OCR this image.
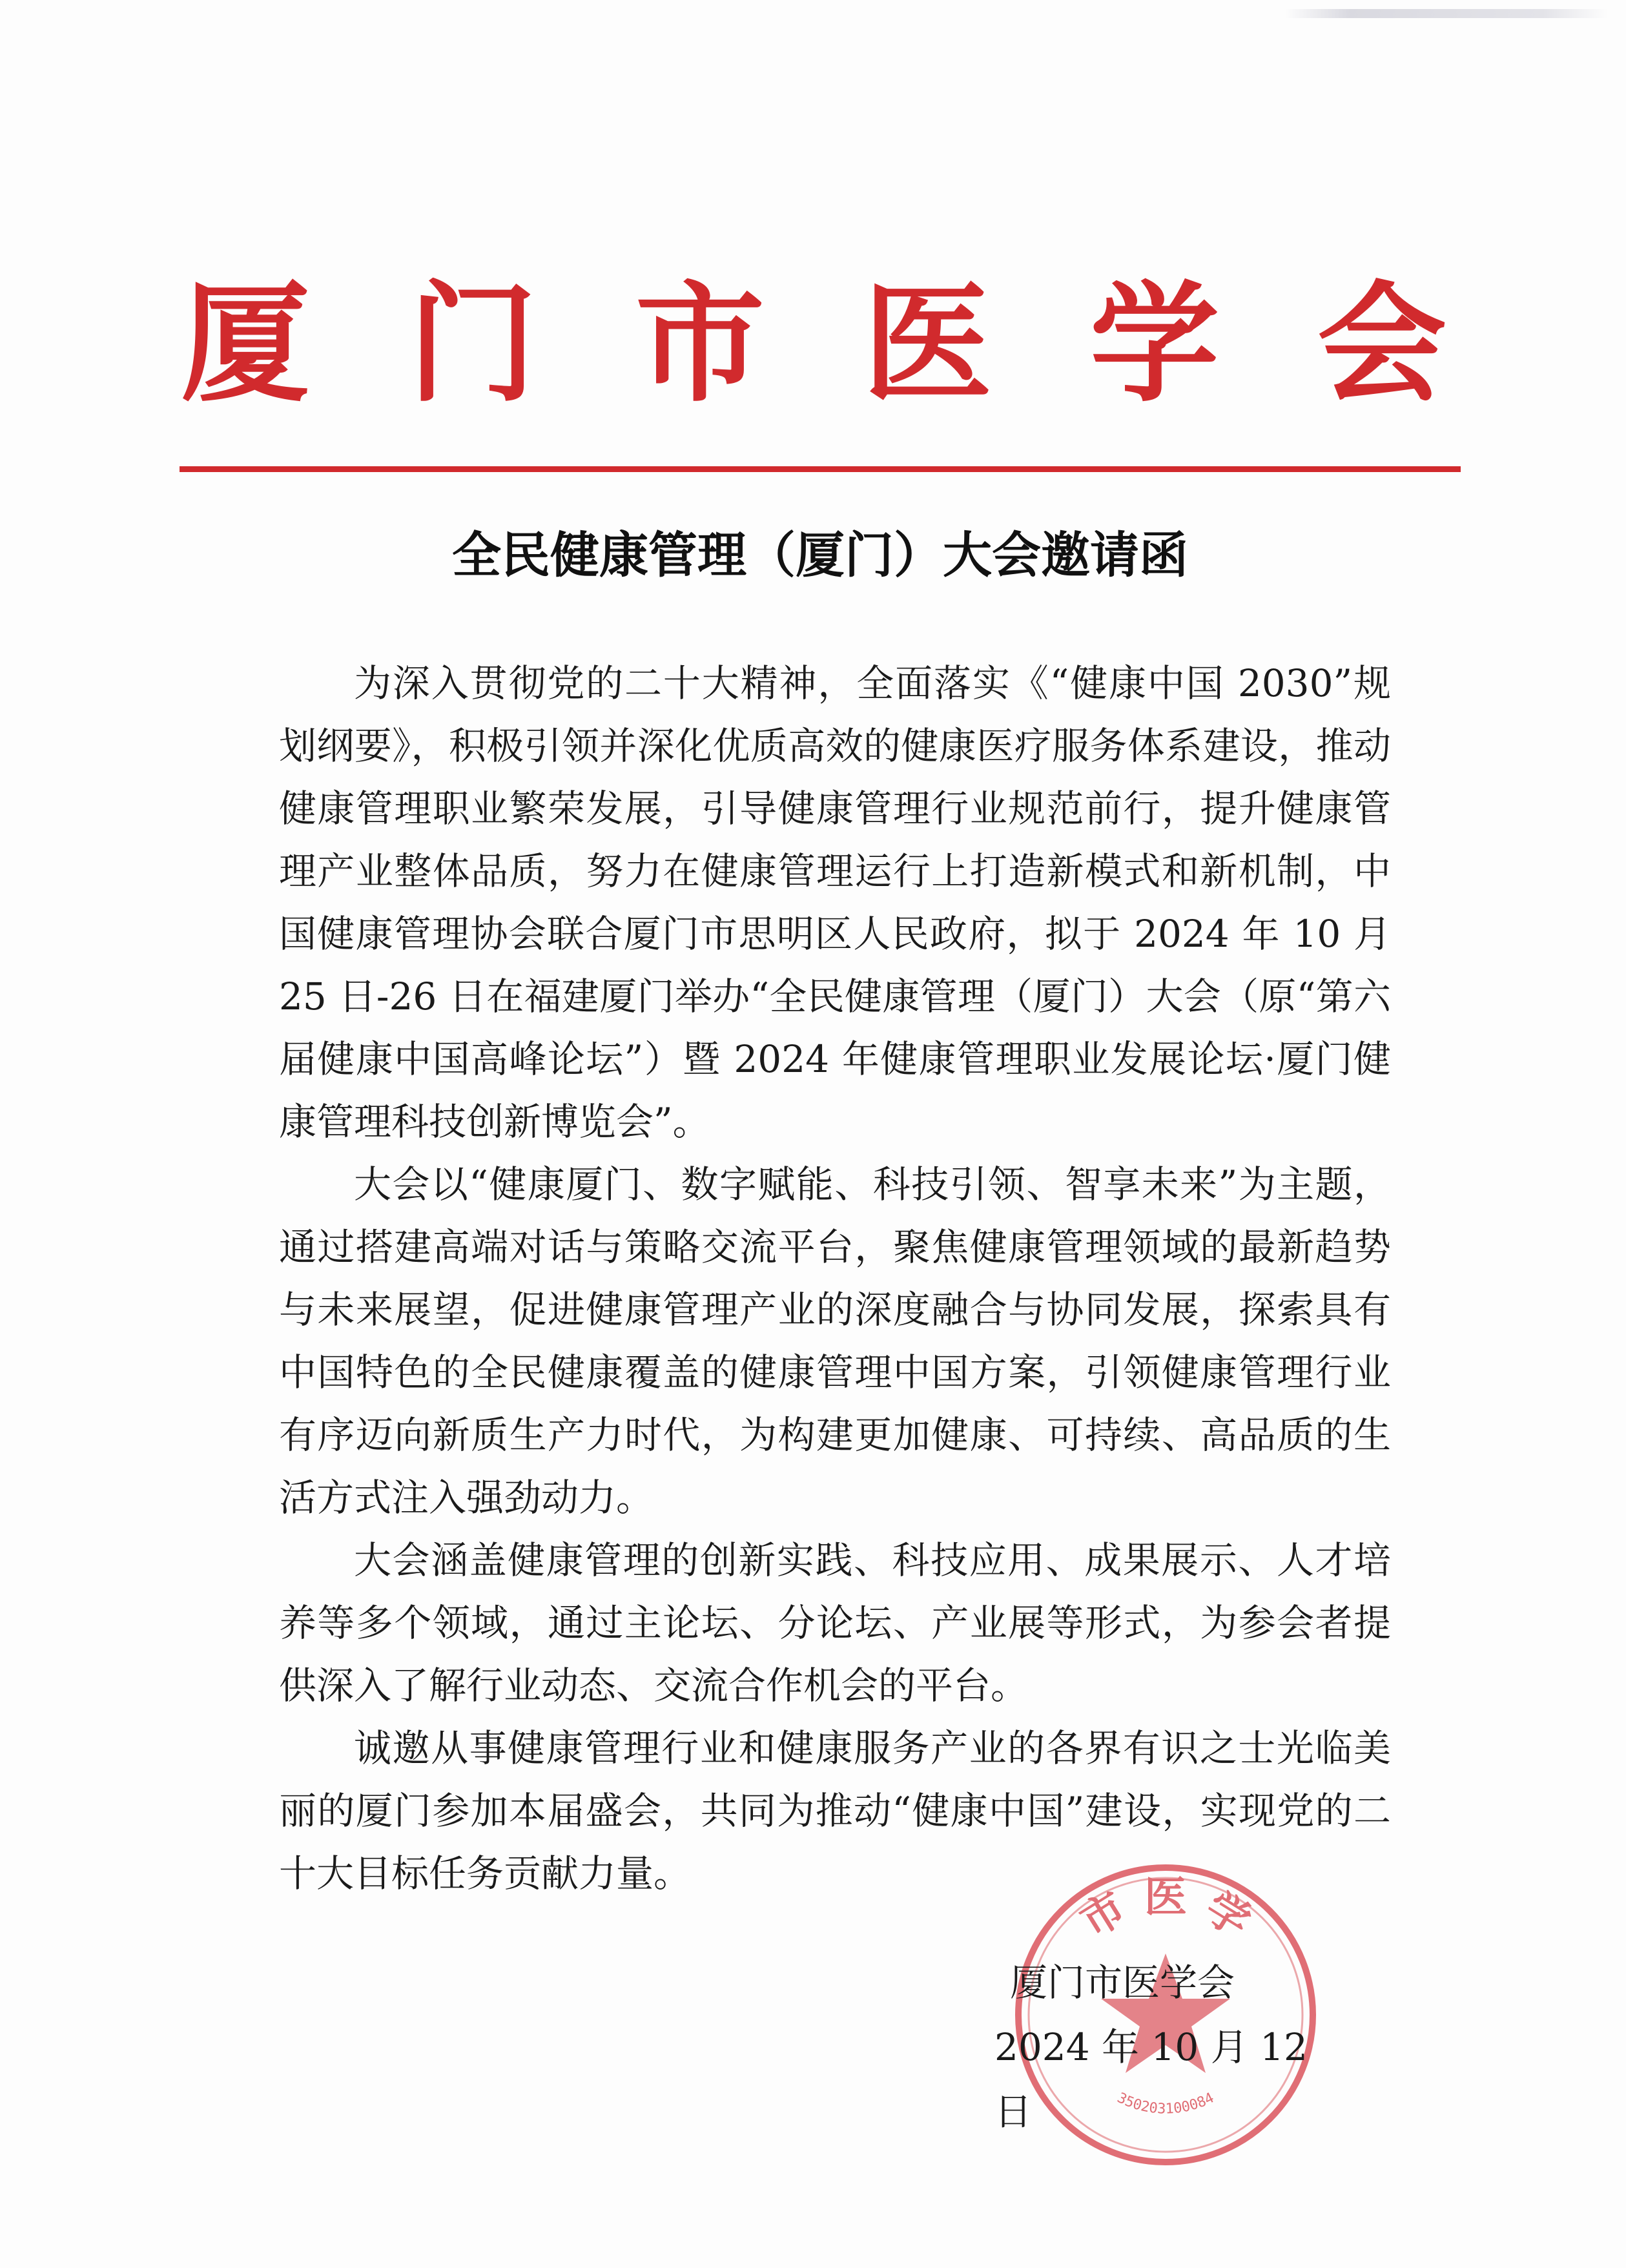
厦 门 市 医 学 会
全民健康管理（厦门）大会邀请函

为深入贯彻党的二十大精神，全面落实《“健康中国 2030”规划纲要》，积极引领并深化优质高效的健康医疗服务体系建设，推动健康管理职业繁荣发展，引导健康管理行业规范前行，提升健康管理产业整体品质，努力在健康管理运行上打造新模式和新机制，中国健康管理协会联合厦门市思明区人民政府，拟于 2024 年 10 月 25 日-26 日在福建厦门举办“全民健康管理（厦门）大会（原“第六届健康中国高峰论坛”）暨 2024 年健康管理职业发展论坛·厦门健康管理科技创新博览会”。

大会以“健康厦门、数字赋能、科技引领、智享未来”为主题，通过搭建高端对话与策略交流平台，聚焦健康管理领域的最新趋势与未来展望，促进健康管理产业的深度融合与协同发展，探索具有中国特色的全民健康覆盖的健康管理中国方案，引领健康管理行业有序迈向新质生产力时代，为构建更加健康、可持续、高品质的生活方式注入强劲动力。

大会涵盖健康管理的创新实践、科技应用、成果展示、人才培养等多个领域，通过主论坛、分论坛、产业展等形式，为参会者提供深入了解行业动态、交流合作机会的平台。

诚邀从事健康管理行业和健康服务产业的各界有识之士光临美丽的厦门参加本届盛会，共同为推动“健康中国”建设，实现党的二十大目标任务贡献力量。

市 医 学
350203100084
厦门市医学会
2024 年 10 月 12 日
